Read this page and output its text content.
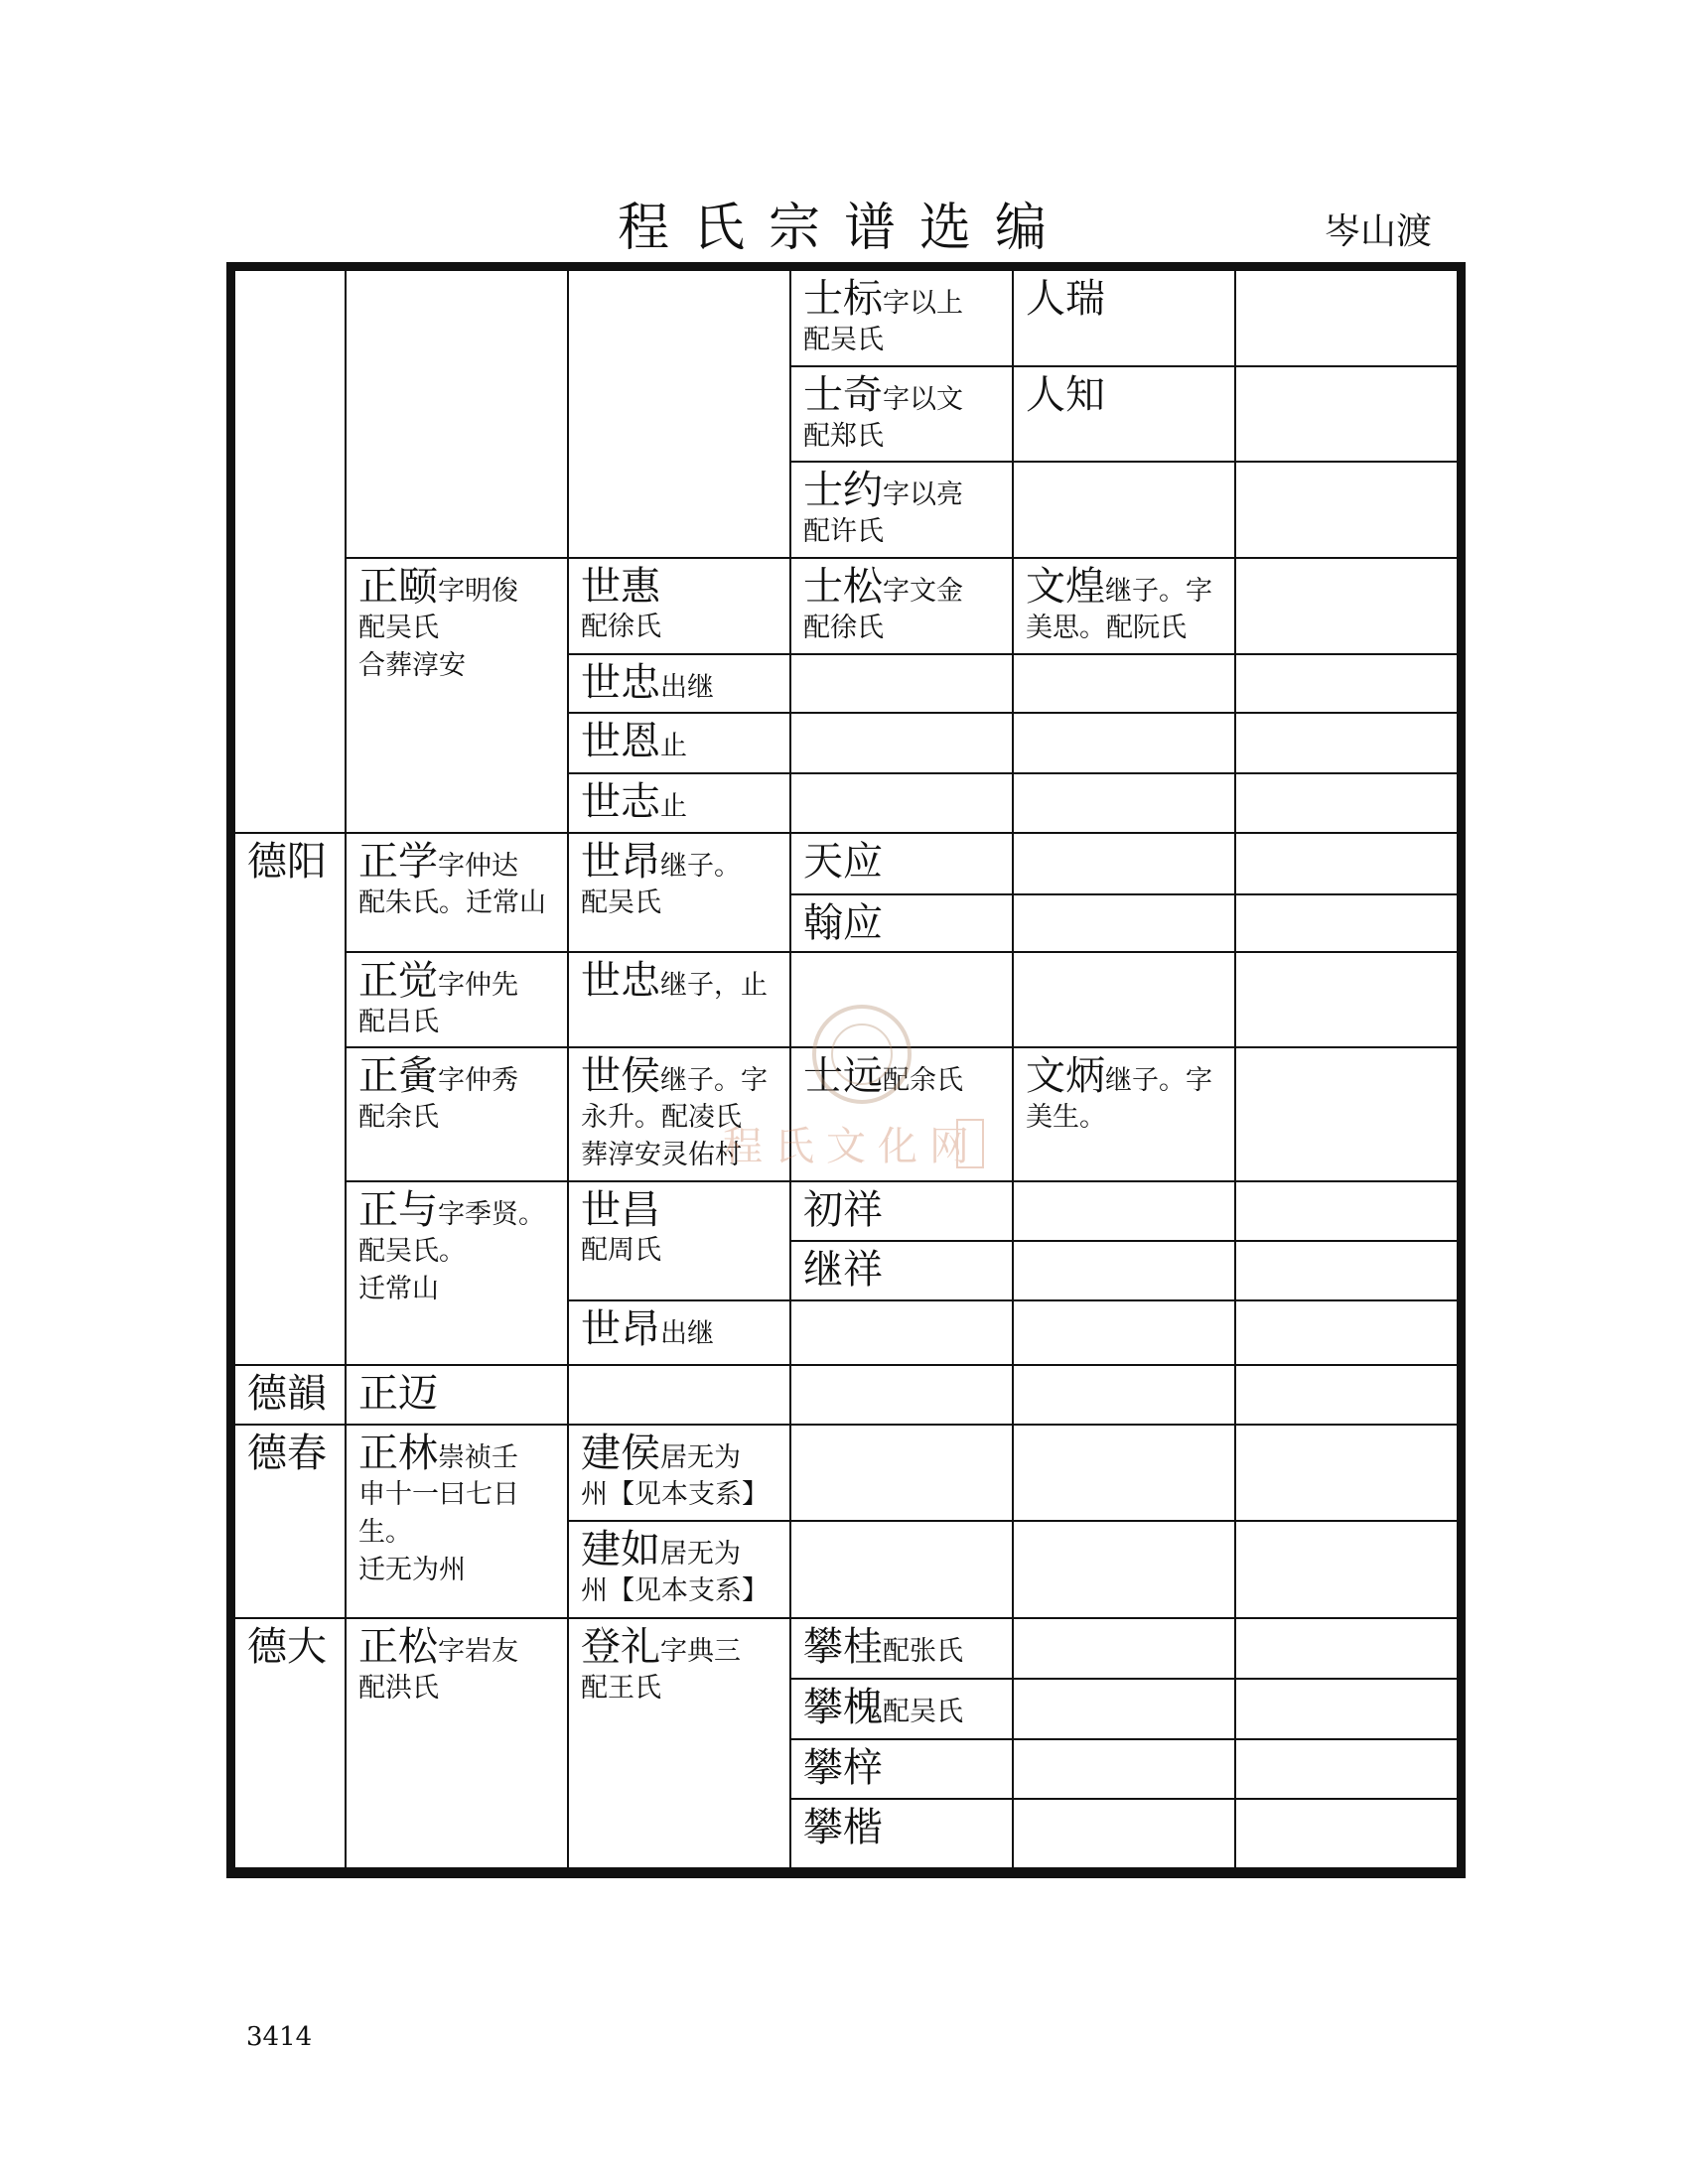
程氏宗谱选编	岑山渡
德阳
德韻
德春
德大
正颐字明俊
配吴氏
合葬淳安
正学字仲达
配朱氏。迁常山
正觉字仲先
配吕氏
正夤字仲秀
配余氏
正与字季贤。
配吴氏。
迁常山
正迈
正林崇祯壬
申十一曰七日
生。
迁无为州
正松字岩友
配洪氏
世惠
配徐氏
世忠出继
世恩止
世志止
世昂继子。
配吴氏
世忠继子，止
世侯继子。字
永升。配凌氏
葬淳安灵佑村
世昌
配周氏
世昂出继
建侯居无为
州【见本支系】
建如居无为
州【见本支系】
登礼字典三
配王氏
士标字以上
配吴氏
士奇字以文
配郑氏
士约字以亮
配许氏
士松字文金
配徐氏
天应
翰应
士远配余氏
初祥
继祥
攀桂配张氏
攀槐配吴氏
攀梓
攀楷
人瑞
人知
文煌继子。字
美思。配阮氏
文炳继子。字
美生。
程氏文化网
3414
